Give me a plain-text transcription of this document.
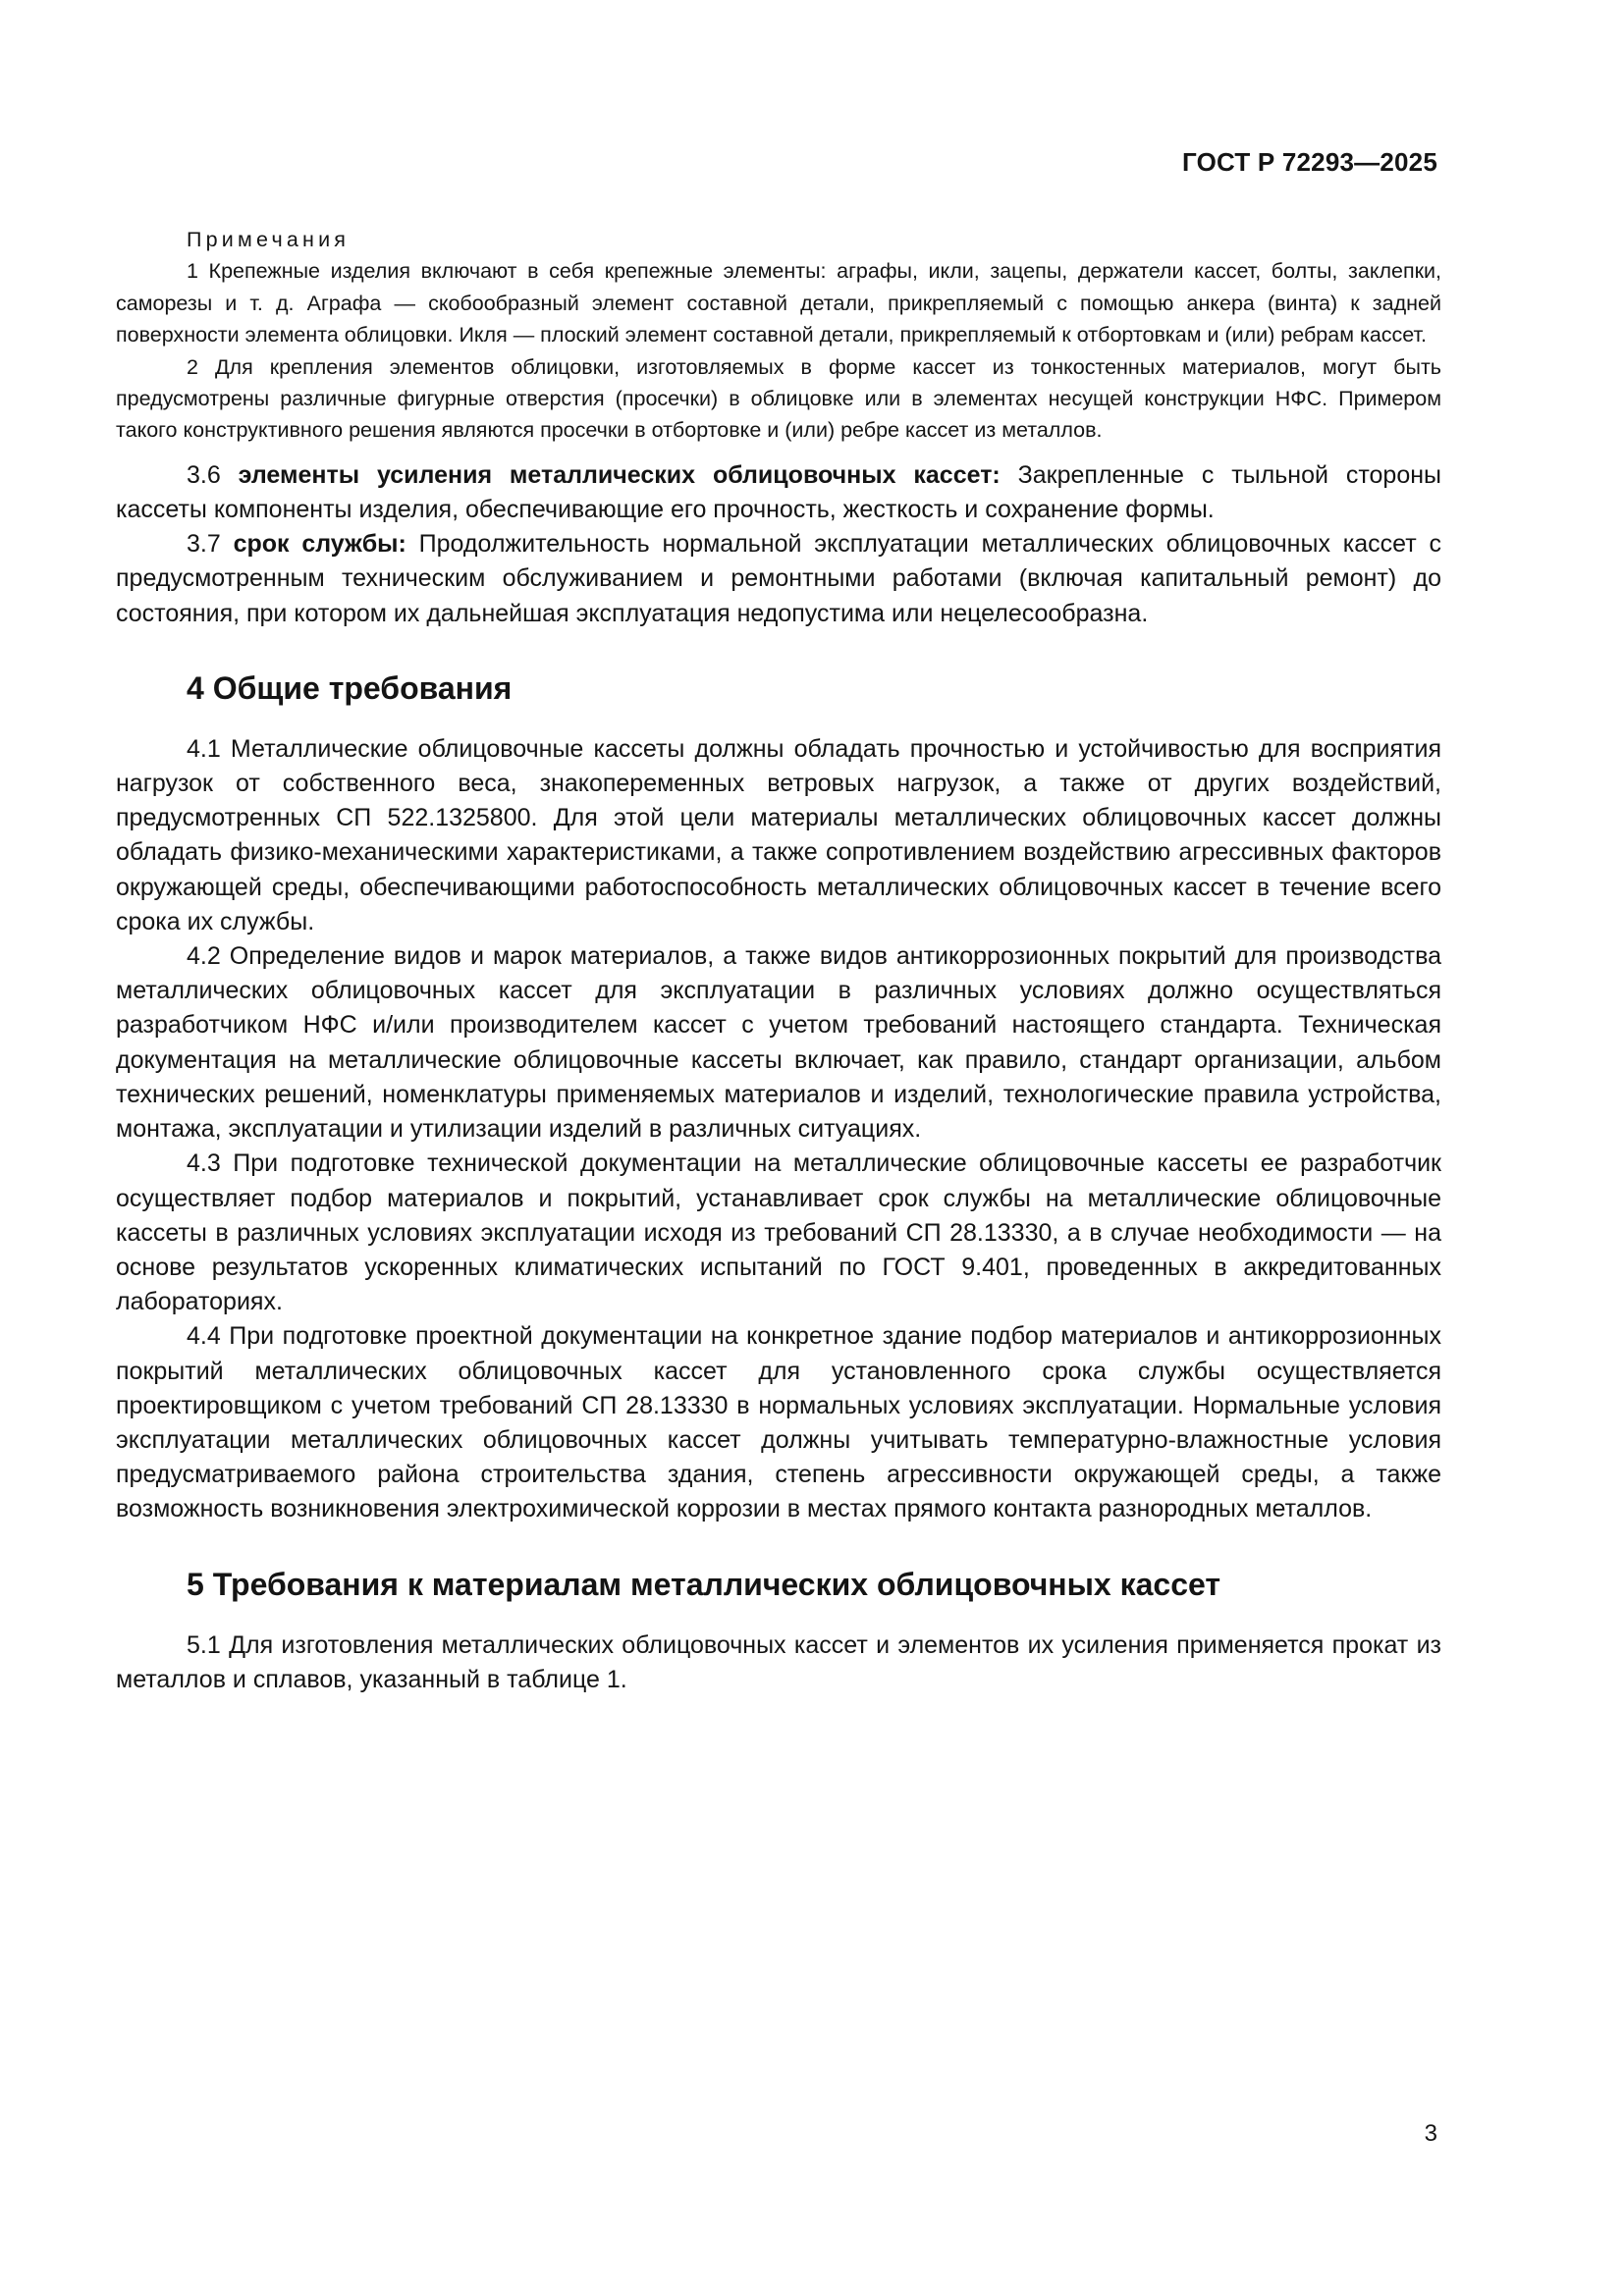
ГОСТ Р 72293—2025

Примечания

1 Крепежные изделия включают в себя крепежные элементы: аграфы, икли, зацепы, держатели кассет, болты, заклепки, саморезы и т. д. Аграфа — скобообразный элемент составной детали, прикрепляемый с помощью анкера (винта) к задней поверхности элемента облицовки. Икля — плоский элемент составной детали, прикрепляемый к отбортовкам и (или) ребрам кассет.

2 Для крепления элементов облицовки, изготовляемых в форме кассет из тонкостенных материалов, могут быть предусмотрены различные фигурные отверстия (просечки) в облицовке или в элементах несущей конструкции НФС. Примером такого конструктивного решения являются просечки в отбортовке и (или) ребре кассет из металлов.

3.6 элементы усиления металлических облицовочных кассет: Закрепленные с тыльной стороны кассеты компоненты изделия, обеспечивающие его прочность, жесткость и сохранение формы.

3.7 срок службы: Продолжительность нормальной эксплуатации металлических облицовочных кассет с предусмотренным техническим обслуживанием и ремонтными работами (включая капитальный ремонт) до состояния, при котором их дальнейшая эксплуатация недопустима или нецелесообразна.

4 Общие требования

4.1 Металлические облицовочные кассеты должны обладать прочностью и устойчивостью для восприятия нагрузок от собственного веса, знакопеременных ветровых нагрузок, а также от других воздействий, предусмотренных СП 522.1325800. Для этой цели материалы металлических облицовочных кассет должны обладать физико-механическими характеристиками, а также сопротивлением воздействию агрессивных факторов окружающей среды, обеспечивающими работоспособность металлических облицовочных кассет в течение всего срока их службы.

4.2 Определение видов и марок материалов, а также видов антикоррозионных покрытий для производства металлических облицовочных кассет для эксплуатации в различных условиях должно осуществляться разработчиком НФС и/или производителем кассет с учетом требований настоящего стандарта. Техническая документация на металлические облицовочные кассеты включает, как правило, стандарт организации, альбом технических решений, номенклатуры применяемых материалов и изделий, технологические правила устройства, монтажа, эксплуатации и утилизации изделий в различных ситуациях.

4.3 При подготовке технической документации на металлические облицовочные кассеты ее разработчик осуществляет подбор материалов и покрытий, устанавливает срок службы на металлические облицовочные кассеты в различных условиях эксплуатации исходя из требований СП 28.13330, а в случае необходимости — на основе результатов ускоренных климатических испытаний по ГОСТ 9.401, проведенных в аккредитованных лабораториях.

4.4 При подготовке проектной документации на конкретное здание подбор материалов и антикоррозионных покрытий металлических облицовочных кассет для установленного срока службы осуществляется проектировщиком с учетом требований СП 28.13330 в нормальных условиях эксплуатации. Нормальные условия эксплуатации металлических облицовочных кассет должны учитывать температурно-влажностные условия предусматриваемого района строительства здания, степень агрессивности окружающей среды, а также возможность возникновения электрохимической коррозии в местах прямого контакта разнородных металлов.

5 Требования к материалам металлических облицовочных кассет

5.1 Для изготовления металлических облицовочных кассет и элементов их усиления применяется прокат из металлов и сплавов, указанный в таблице 1.

3
